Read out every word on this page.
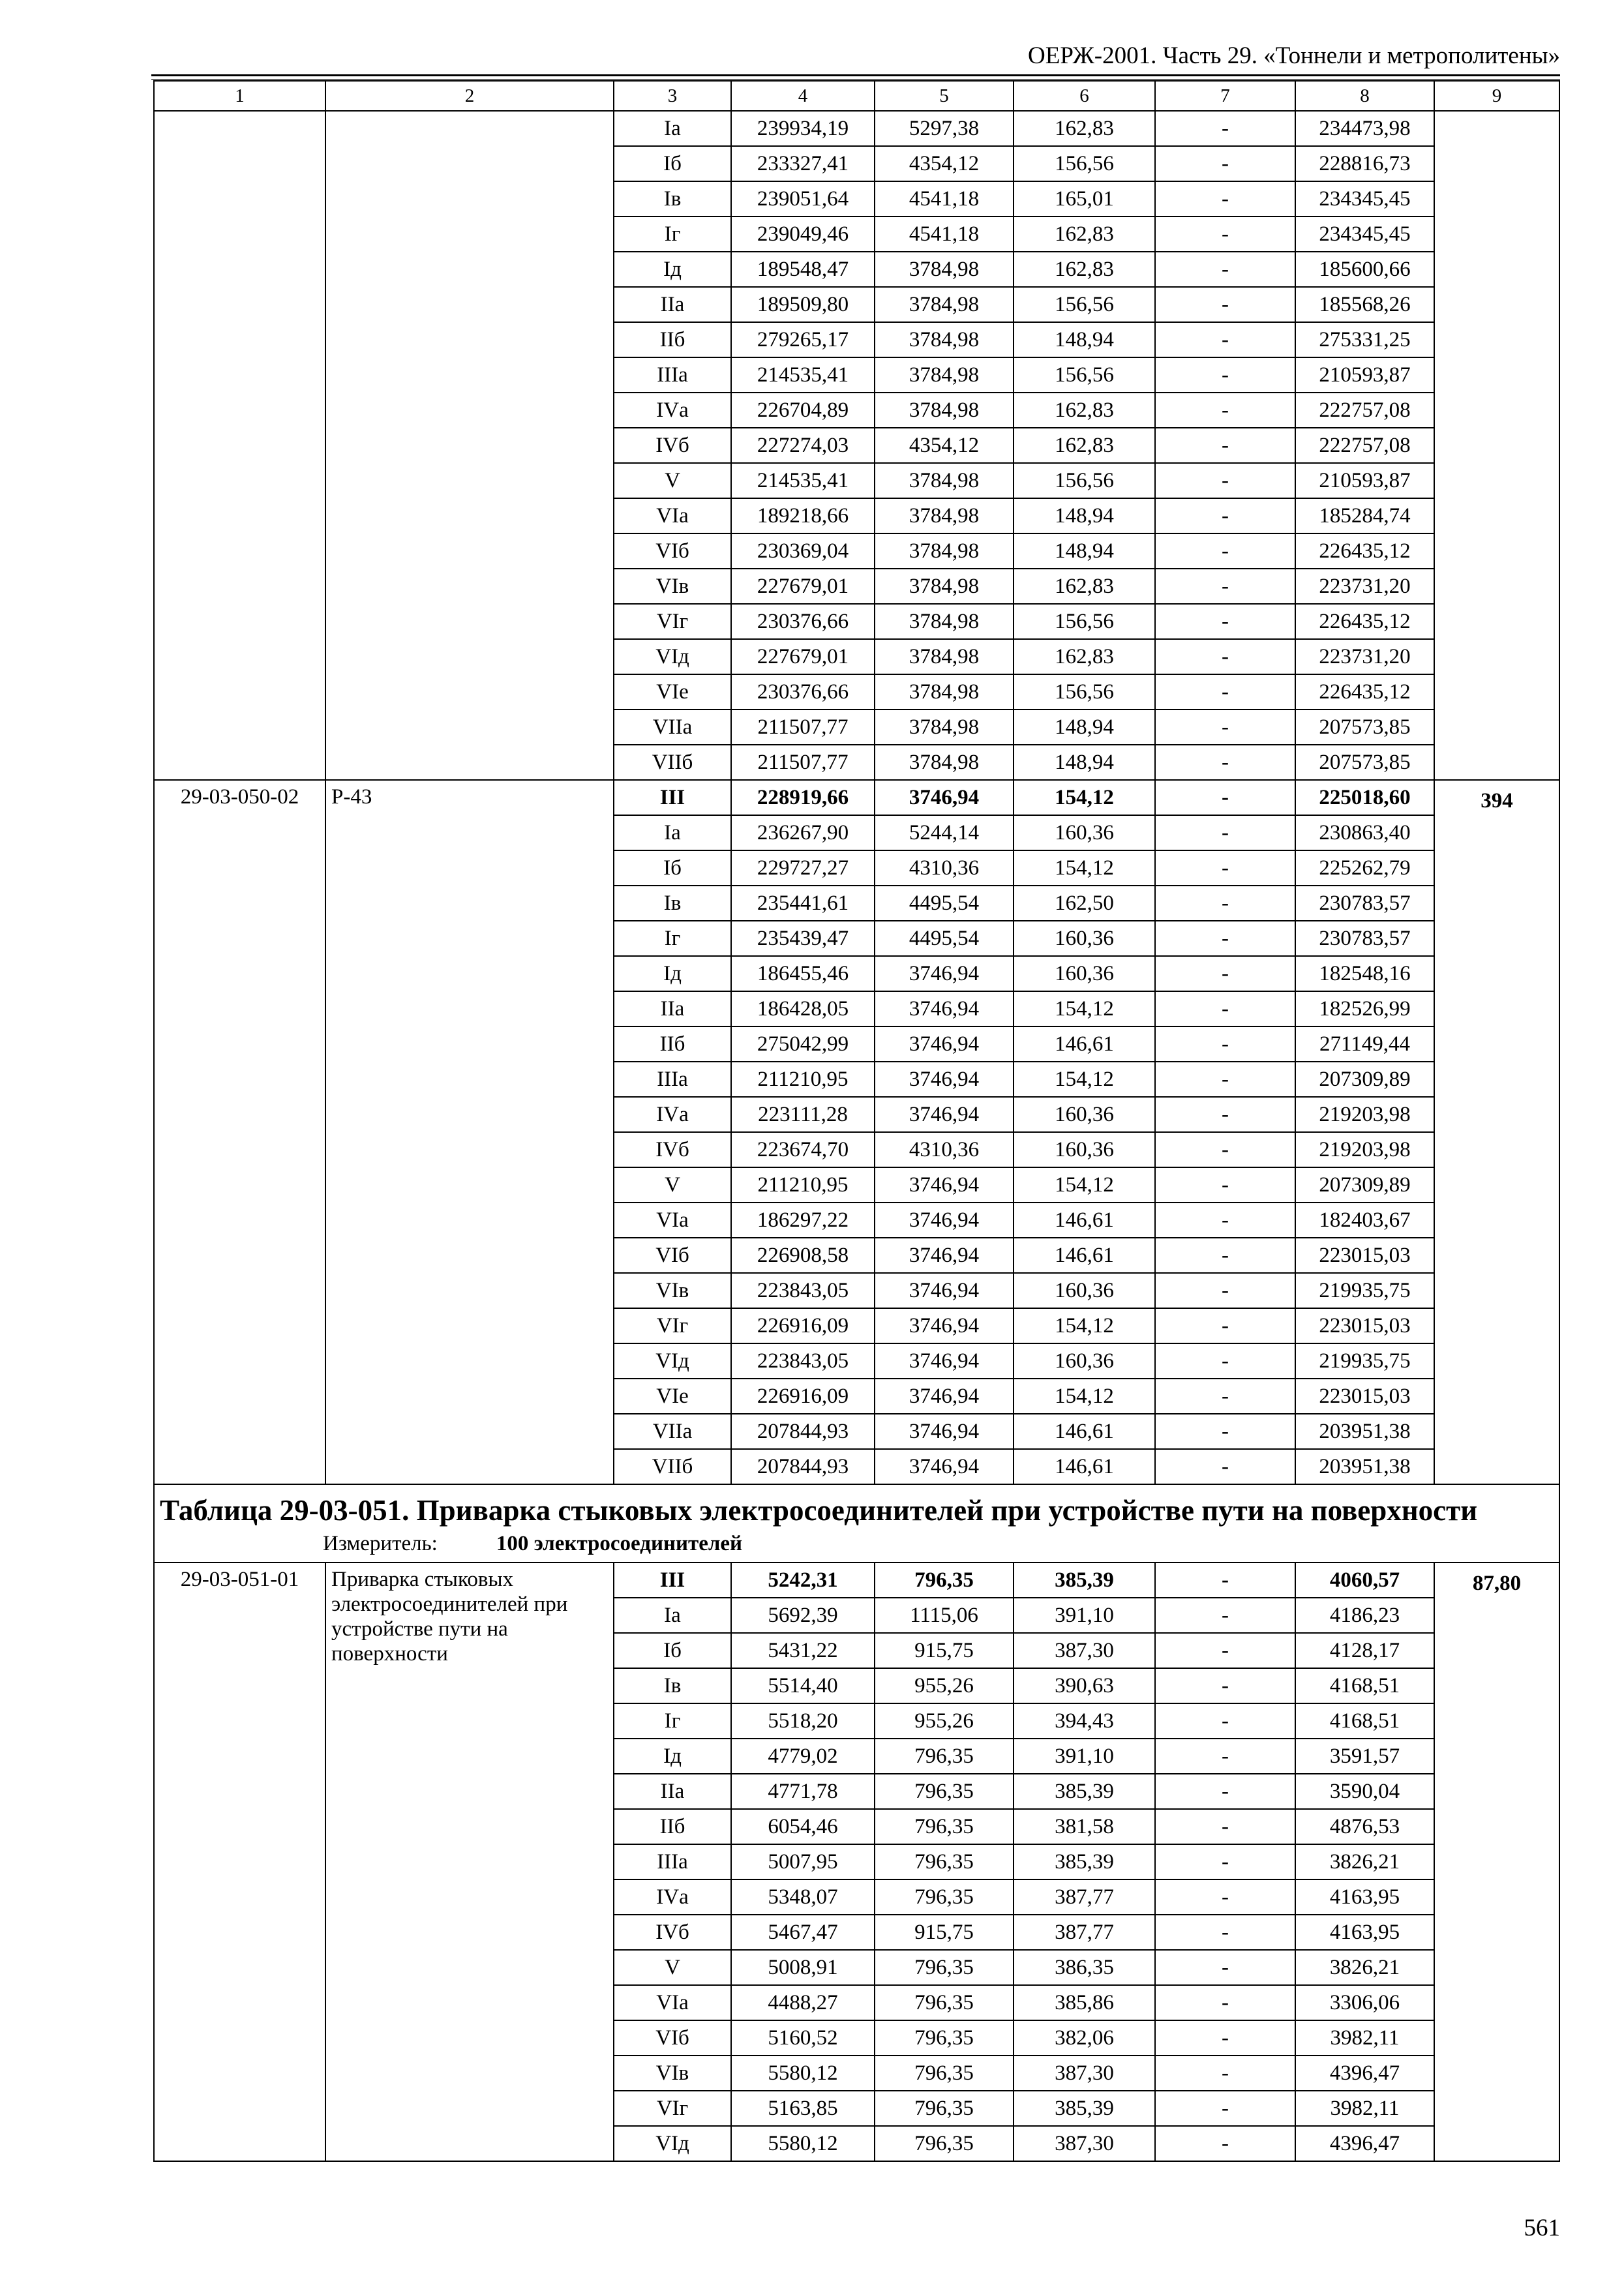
ОЕРЖ-2001. Часть 29. «Тоннели и метрополитены»
1	2	3	4	5	6	7	8	9
		Iа	239934,19	5297,38	162,83	-	234473,98	
		Iб	233327,41	4354,12	156,56	-	228816,73	
		Iв	239051,64	4541,18	165,01	-	234345,45	
		Iг	239049,46	4541,18	162,83	-	234345,45	
		Iд	189548,47	3784,98	162,83	-	185600,66	
		IIа	189509,80	3784,98	156,56	-	185568,26	
		IIб	279265,17	3784,98	148,94	-	275331,25	
		IIIа	214535,41	3784,98	156,56	-	210593,87	
		IVа	226704,89	3784,98	162,83	-	222757,08	
		IVб	227274,03	4354,12	162,83	-	222757,08	
		V	214535,41	3784,98	156,56	-	210593,87	
		VIа	189218,66	3784,98	148,94	-	185284,74	
		VIб	230369,04	3784,98	148,94	-	226435,12	
		VIв	227679,01	3784,98	162,83	-	223731,20	
		VIг	230376,66	3784,98	156,56	-	226435,12	
		VIд	227679,01	3784,98	162,83	-	223731,20	
		VIе	230376,66	3784,98	156,56	-	226435,12	
		VIIа	211507,77	3784,98	148,94	-	207573,85	
		VIIб	211507,77	3784,98	148,94	-	207573,85	
29-03-050-02	Р-43	III	228919,66	3746,94	154,12	-	225018,60	394
		Iа	236267,90	5244,14	160,36	-	230863,40	
		Iб	229727,27	4310,36	154,12	-	225262,79	
		Iв	235441,61	4495,54	162,50	-	230783,57	
		Iг	235439,47	4495,54	160,36	-	230783,57	
		Iд	186455,46	3746,94	160,36	-	182548,16	
		IIа	186428,05	3746,94	154,12	-	182526,99	
		IIб	275042,99	3746,94	146,61	-	271149,44	
		IIIа	211210,95	3746,94	154,12	-	207309,89	
		IVа	223111,28	3746,94	160,36	-	219203,98	
		IVб	223674,70	4310,36	160,36	-	219203,98	
		V	211210,95	3746,94	154,12	-	207309,89	
		VIа	186297,22	3746,94	146,61	-	182403,67	
		VIб	226908,58	3746,94	146,61	-	223015,03	
		VIв	223843,05	3746,94	160,36	-	219935,75	
		VIг	226916,09	3746,94	154,12	-	223015,03	
		VIд	223843,05	3746,94	160,36	-	219935,75	
		VIе	226916,09	3746,94	154,12	-	223015,03	
		VIIа	207844,93	3746,94	146,61	-	203951,38	
		VIIб	207844,93	3746,94	146,61	-	203951,38	

Таблица 29-03-051. Приварка стыковых электросоединителей при устройстве пути на поверхности
Измеритель: 100 электросоединителей								

29-03-051-01	Приварка стыковых электросоединителей при устройстве пути на поверхности	III	5242,31	796,35	385,39	-	4060,57	87,80
		Iа	5692,39	1115,06	391,10	-	4186,23	
		Iб	5431,22	915,75	387,30	-	4128,17	
		Iв	5514,40	955,26	390,63	-	4168,51	
		Iг	5518,20	955,26	394,43	-	4168,51	
		Iд	4779,02	796,35	391,10	-	3591,57	
		IIа	4771,78	796,35	385,39	-	3590,04	
		IIб	6054,46	796,35	381,58	-	4876,53	
		IIIа	5007,95	796,35	385,39	-	3826,21	
		IVа	5348,07	796,35	387,77	-	4163,95	
		IVб	5467,47	915,75	387,77	-	4163,95	
		V	5008,91	796,35	386,35	-	3826,21	
		VIа	4488,27	796,35	385,86	-	3306,06	
		VIб	5160,52	796,35	382,06	-	3982,11	
		VIв	5580,12	796,35	387,30	-	4396,47	
		VIг	5163,85	796,35	385,39	-	3982,11	
		VIд	5580,12	796,35	387,30	-	4396,47	
561
